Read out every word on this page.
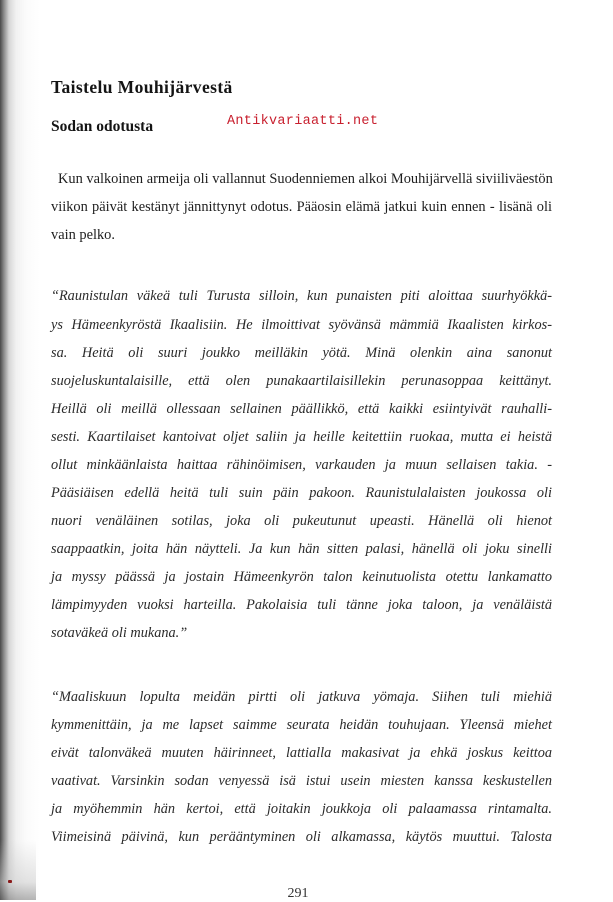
Taistelu Mouhijärvestä
Sodan odotusta	Antikvariaatti.net
Kun valkoinen armeija oli vallannut Suodenniemen alkoi Mouhijärvellä siviiliväestön
viikon päivät kestänyt jännittynyt odotus. Pääosin elämä jatkui kuin ennen - lisänä oli
vain pelko.
“Raunistulan väkeä tuli Turusta silloin, kun punaisten piti aloittaa suurhyökkä-
ys Hämeenkyröstä Ikaalisiin. He ilmoittivat syövänsä mämmiä Ikaalisten kirkos-
sa. Heitä oli suuri joukko meilläkin yötä. Minä olenkin aina sanonut
suojeluskuntalaisille, että olen punakaartilaisillekin perunasoppaa keittänyt.
Heillä oli meillä ollessaan sellainen päällikkö, että kaikki esiintyivät rauhalli-
sesti. Kaartilaiset kantoivat oljet saliin ja heille keitettiin ruokaa, mutta ei heistä
ollut minkäänlaista haittaa rähinöimisen, varkauden ja muun sellaisen takia. -
Pääsiäisen edellä heitä tuli suin päin pakoon. Raunistulalaisten joukossa oli
nuori venäläinen sotilas, joka oli pukeutunut upeasti. Hänellä oli hienot
saappaatkin, joita hän näytteli. Ja kun hän sitten palasi, hänellä oli joku sinelli
ja myssy päässä ja jostain Hämeenkyrön talon keinutuolista otettu lankamatto
lämpimyyden vuoksi harteilla. Pakolaisia tuli tänne joka taloon, ja venäläistä
sotaväkeä oli mukana.”
“Maaliskuun lopulta meidän pirtti oli jatkuva yömaja. Siihen tuli miehiä
kymmenittäin, ja me lapset saimme seurata heidän touhujaan. Yleensä miehet
eivät talonväkeä muuten häirinneet, lattialla makasivat ja ehkä joskus keittoa
vaativat. Varsinkin sodan venyessä isä istui usein miesten kanssa keskustellen
ja myöhemmin hän kertoi, että joitakin joukkoja oli palaamassa rintamalta.
Viimeisinä päivinä, kun perääntyminen oli alkamassa, käytös muuttui. Talosta
291
